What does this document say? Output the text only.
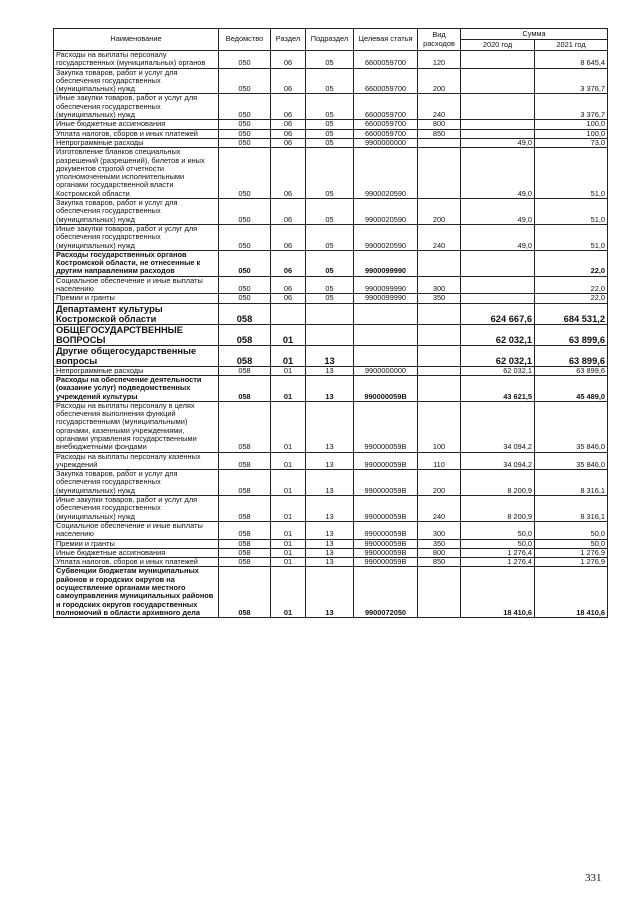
Наименование	Ведомство	Раздел	Подраздел	Целевая статья	Вид расходов	Сумма	
						2020 год	2021 год
Расходы на выплаты персоналу государственных (муниципальных) органов	050	06	05	6600059700	120		8 645,4
Закупка товаров, работ и услуг для обеспечения государственных (муниципальных) нужд	050	06	05	6600059700	200		3 376,7
Иные закупки товаров, работ и услуг для обеспечения государственных (муниципальных) нужд	050	06	05	6600059700	240		3 376,7
Иные бюджетные ассигнования	050	06	05	6600059700	800		100,0
Уплата налогов, сборов и иных платежей	050	06	05	6600059700	850		100,0
Непрограммные расходы	050	06	05	9900000000		49,0	73,0
Изготовление бланков специальных разрешений (разрешений), билетов и иных документов строгой отчетности уполномоченными исполнительными органами государственной власти Костромской области	050	06	05	9900020590		49,0	51,0
Закупка товаров, работ и услуг для обеспечения государственных (муниципальных) нужд	050	06	05	9900020590	200	49,0	51,0
Иные закупки товаров, работ и услуг для обеспечения государственных (муниципальных) нужд	050	06	05	9900020590	240	49,0	51,0
Расходы государственных органов Костромской области, не отнесенные к другим направлениям расходов	050	06	05	9900099990			22,0
Социальное обеспечение и иные выплаты населению	050	06	05	9900099990	300		22,0
Премии и гранты	050	06	05	9900099990	350		22,0
Департамент культуры Костромской области	058					624 667,6	684 531,2
ОБЩЕГОСУДАРСТВЕННЫЕ ВОПРОСЫ	058	01				62 032,1	63 899,6
Другие общегосударственные вопросы	058	01	13			62 032,1	63 899,6
Непрограммные расходы	058	01	13	9900000000		62 032,1	63 899,6
Расходы на обеспечение деятельности (оказание услуг) подведомственных учреждений культуры	058	01	13	990000059В		43 621,5	45 489,0
Расходы на выплаты персоналу в целях обеспечения выполнения функций государственными (муниципальными) органами, казенными учреждениями, органами управления государственными внебюджетными фондами	058	01	13	990000059В	100	34 094,2	35 846,0
Расходы на выплаты персоналу казенных учреждений	058	01	13	990000059В	110	34 094,2	35 846,0
Закупка товаров, работ и услуг для обеспечения государственных (муниципальных) нужд	058	01	13	990000059В	200	8 200,9	8 316,1
Иные закупки товаров, работ и услуг для обеспечения государственных (муниципальных) нужд	058	01	13	990000059В	240	8 200,9	8 316,1
Социальное обеспечение и иные выплаты населению	058	01	13	990000059В	300	50,0	50,0
Премии и гранты	058	01	13	990000059В	350	50,0	50,0
Иные бюджетные ассигнования	058	01	13	990000059В	800	1 276,4	1 276,9
Уплата налогов, сборов и иных платежей	058	01	13	990000059В	850	1 276,4	1 276,9
Субвенции бюджетам муниципальных районов и городских округов на осуществление органами местного самоуправления муниципальных районов и городских округов государственных полномочий в области архивного дела	058	01	13	9900072050		18 410,6	18 410,6
331
